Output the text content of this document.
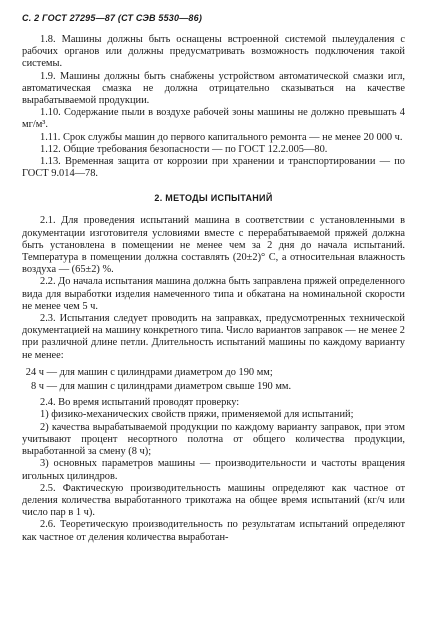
С. 2 ГОСТ 27295—87 (СТ СЭВ 5530—86)

1.8. Машины должны быть оснащены встроенной системой пылеудаления с рабочих органов или должны предусматривать возможность подключения такой системы.

1.9. Машины должны быть снабжены устройством автоматической смазки игл, автоматическая смазка не должна отрицательно сказываться на качестве вырабатываемой продукции.

1.10. Содержание пыли в воздухе рабочей зоны машины не должно превышать 4 мг/м³.

1.11. Срок службы машин до первого капитального ремонта — не менее 20 000 ч.

1.12. Общие требования безопасности — по ГОСТ 12.2.005—80.

1.13. Временная защита от коррозии при хранении и транспортировании — по ГОСТ 9.014—78.

2. МЕТОДЫ ИСПЫТАНИЙ

2.1. Для проведения испытаний машина в соответствии с установленными в документации изготовителя условиями вместе с перерабатываемой пряжей должна быть установлена в помещении не менее чем за 2 дня до начала испытаний. Температура в помещении должна составлять (20±2)° С, а относительная влажность воздуха — (65±2) %.

2.2. До начала испытания машина должна быть заправлена пряжей определенного вида для выработки изделия намеченного типа и обкатана на номинальной скорости не менее чем 5 ч.

2.3. Испытания следует проводить на заправках, предусмотренных технической документацией на машину конкретного типа. Число вариантов заправок — не менее 2 при различной длине петли. Длительность испытаний машины по каждому варианту не менее:

24 ч — для машин с цилиндрами диаметром до 190 мм;
8 ч — для машин с цилиндрами диаметром свыше 190 мм.

2.4. Во время испытаний проводят проверку:

1) физико-механических свойств пряжи, применяемой для испытаний;

2) качества вырабатываемой продукции по каждому варианту заправок, при этом учитывают процент несортного полотна от общего количества продукции, выработанной за смену (8 ч);

3) основных параметров машины — производительности и частоты вращения игольных цилиндров.

2.5. Фактическую производительность машины определяют как частное от деления количества выработанного трикотажа на общее время испытаний (кг/ч или число пар в 1 ч).

2.6. Теоретическую производительность по результатам испытаний определяют как частное от деления количества выработан-
